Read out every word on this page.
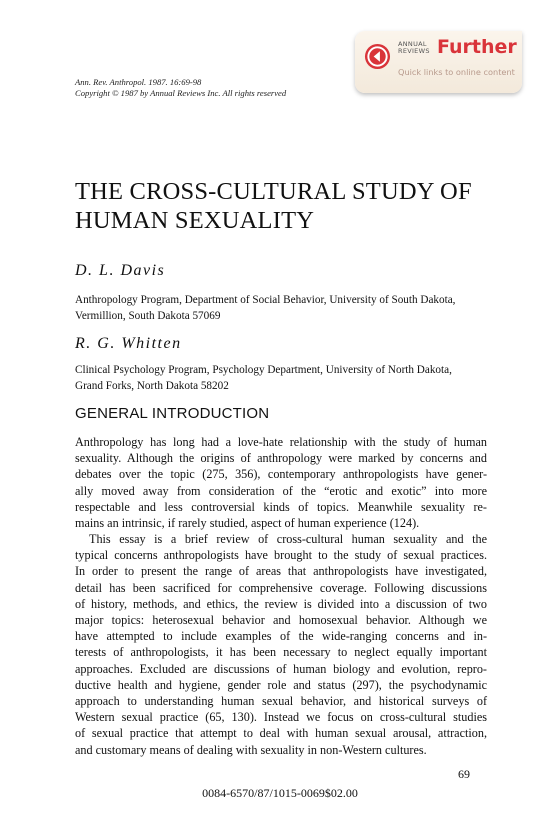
Ann. Rev. Anthropol. 1987. 16:69-98
Copyright © 1987 by Annual Reviews Inc. All rights reserved
ANNUAL
REVIEWS Further
Quick links to online content
THE CROSS-CULTURAL STUDY OF
HUMAN SEXUALITY
D. L. Davis
Anthropology Program, Department of Social Behavior, University of South Dakota,
Vermillion, South Dakota 57069
R. G. Whitten
Clinical Psychology Program, Psychology Department, University of North Dakota,
Grand Forks, North Dakota 58202
GENERAL INTRODUCTION
Anthropology has long had a love-hate relationship with the study of human
sexuality. Although the origins of anthropology were marked by concerns and
debates over the topic (275, 356), contemporary anthropologists have gener-
ally moved away from consideration of the “erotic and exotic” into more
respectable and less controversial kinds of topics. Meanwhile sexuality re-
mains an intrinsic, if rarely studied, aspect of human experience (124).
This essay is a brief review of cross-cultural human sexuality and the
typical concerns anthropologists have brought to the study of sexual practices.
In order to present the range of areas that anthropologists have investigated,
detail has been sacrificed for comprehensive coverage. Following discussions
of history, methods, and ethics, the review is divided into a discussion of two
major topics: heterosexual behavior and homosexual behavior. Although we
have attempted to include examples of the wide-ranging concerns and in-
terests of anthropologists, it has been necessary to neglect equally important
approaches. Excluded are discussions of human biology and evolution, repro-
ductive health and hygiene, gender role and status (297), the psychodynamic
approach to understanding human sexual behavior, and historical surveys of
Western sexual practice (65, 130). Instead we focus on cross-cultural studies
of sexual practice that attempt to deal with human sexual arousal, attraction,
and customary means of dealing with sexuality in non-Western cultures.
69
0084-6570/87/1015-0069$02.00
